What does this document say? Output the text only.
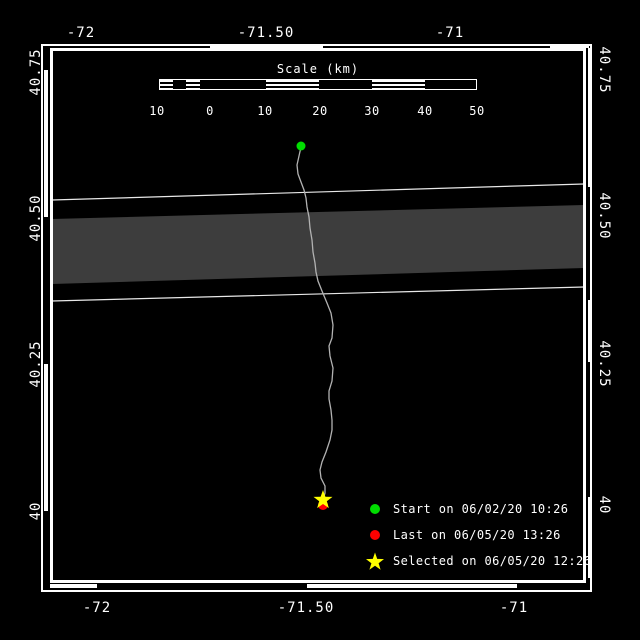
-72	-71.50	-71
-72	-71.50	-71
40.75
40.50
40.25
40
40.75
40.50
40.25
40
Scale (km)
10	0	10	20	30	40	50
Start on 06/02/20 10:26
Last on 06/05/20 13:26
Selected on 06/05/20 12:26
